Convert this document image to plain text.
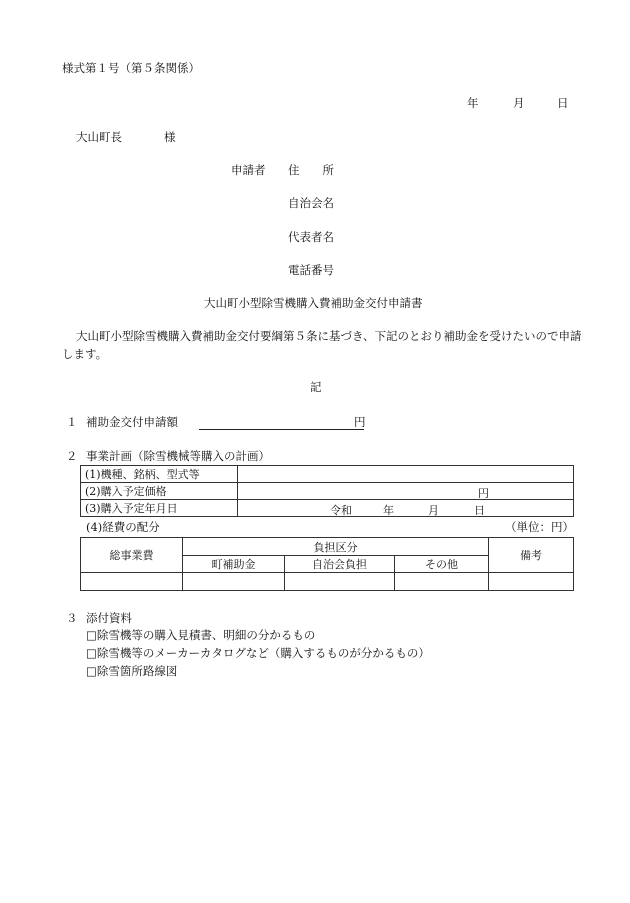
様式第１号（第５条関係）
年	月	日
大山町長	様
申請者 住　　所
自治会名
代表者名
電話番号
大山町小型除雪機購入費補助金交付申請書
大山町小型除雪機購入費補助金交付要綱第５条に基づき、下記のとおり補助金を受けたいので申請
します。
記
１ 補助金交付申請額	円
２ 事業計画（除雪機械等購入の計画）
(1)機種、銘柄、型式等	
(2)購入予定価格	円

(3)購入予定年月日	令和 年 月 日
(4)経費の配分	（単位：円）
総事業費	負担区分			備考
	町補助金	自治会負担	その他	

３ 添付資料
□除雪機等の購入見積書、明細の分かるもの
□除雪機等のメーカーカタログなど（購入するものが分かるもの）
□除雪箇所路線図
